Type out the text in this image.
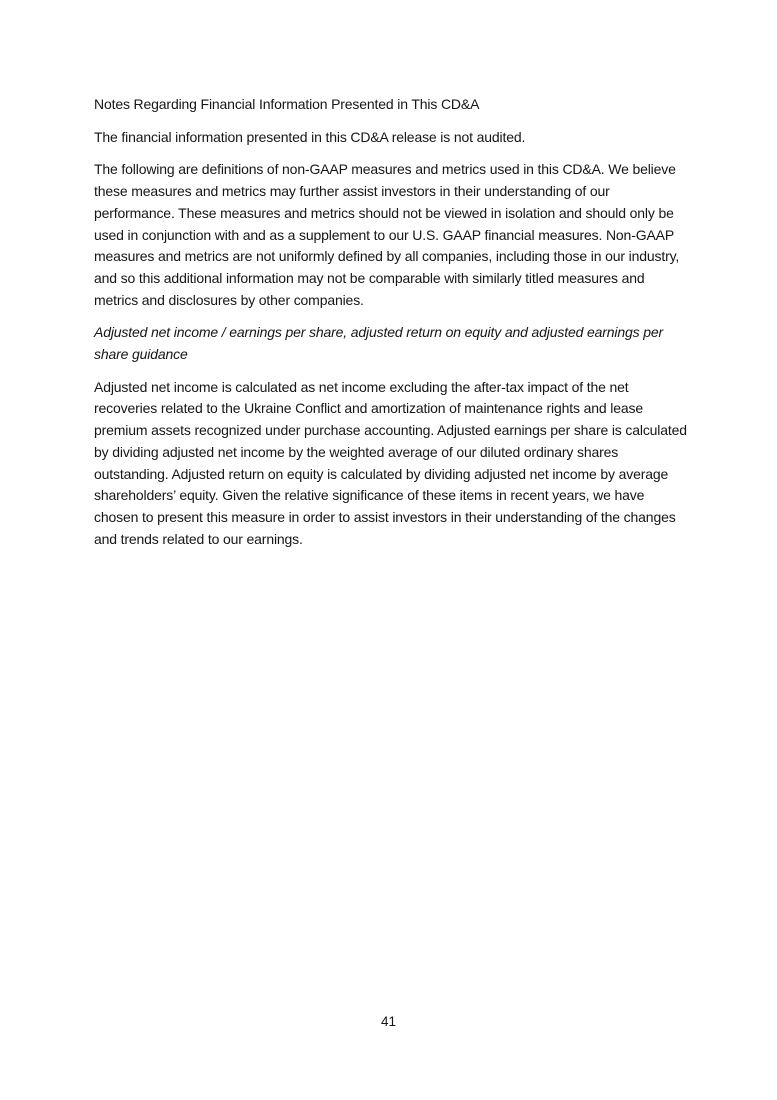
Notes Regarding Financial Information Presented in This CD&A

The financial information presented in this CD&A release is not audited.

The following are definitions of non-GAAP measures and metrics used in this CD&A. We believe these measures and metrics may further assist investors in their understanding of our performance. These measures and metrics should not be viewed in isolation and should only be used in conjunction with and as a supplement to our U.S. GAAP financial measures. Non-GAAP measures and metrics are not uniformly defined by all companies, including those in our industry, and so this additional information may not be comparable with similarly titled measures and metrics and disclosures by other companies.

Adjusted net income / earnings per share, adjusted return on equity and adjusted earnings per share guidance

Adjusted net income is calculated as net income excluding the after-tax impact of the net recoveries related to the Ukraine Conflict and amortization of maintenance rights and lease premium assets recognized under purchase accounting. Adjusted earnings per share is calculated by dividing adjusted net income by the weighted average of our diluted ordinary shares outstanding. Adjusted return on equity is calculated by dividing adjusted net income by average shareholders’ equity. Given the relative significance of these items in recent years, we have chosen to present this measure in order to assist investors in their understanding of the changes and trends related to our earnings.

41
